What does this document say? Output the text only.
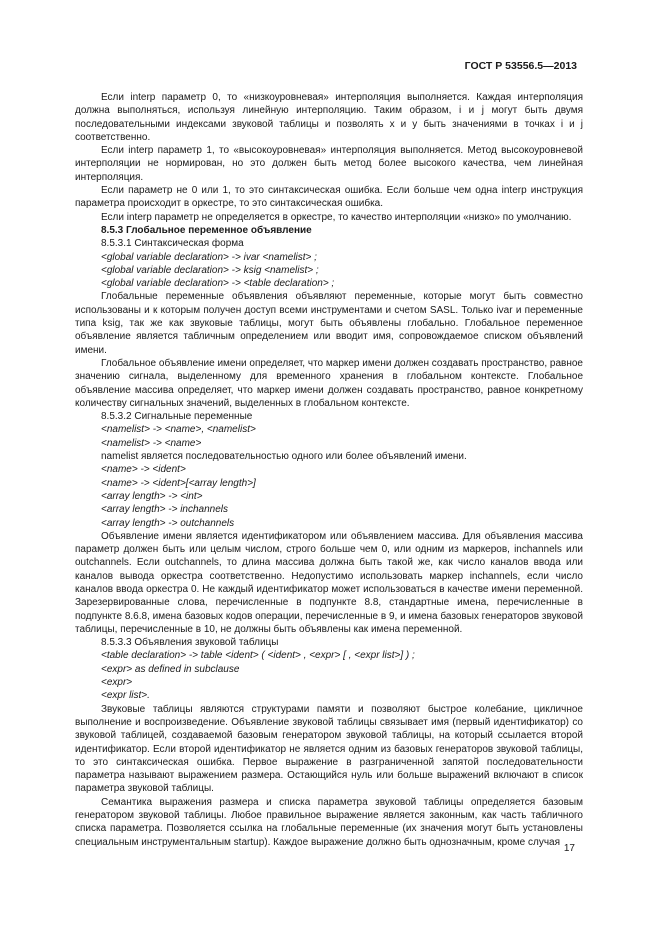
ГОСТ Р 53556.5—2013

Если interp параметр 0, то «низкоуровневая» интерполяция выполняется. Каждая интерполяция должна выполняться, используя линейную интерполяцию. Таким образом, i и j могут быть двумя последовательными индексами звуковой таблицы и позволять x и y быть значениями в точках i и j соответственно.

Если interp параметр 1, то «высокоуровневая» интерполяция выполняется. Метод высокоуровневой интерполяции не нормирован, но это должен быть метод более высокого качества, чем линейная интерполяция.

Если параметр не 0 или 1, то это синтаксическая ошибка. Если больше чем одна interp инструкция параметра происходит в оркестре, то это синтаксическая ошибка.

Если interp параметр не определяется в оркестре, то качество интерполяции «низко» по умолчанию.

8.5.3 Глобальное переменное объявление

8.5.3.1 Синтаксическая форма

<global variable declaration> -> ivar <namelist> ;

<global variable declaration> -> ksig <namelist> ;

<global variable declaration> -> <table declaration> ;

Глобальные переменные объявления объявляют переменные, которые могут быть совместно использованы и к которым получен доступ всеми инструментами и счетом SASL. Только ivar и переменные типа ksig, так же как звуковые таблицы, могут быть объявлены глобально. Глобальное переменное объявление является табличным определением или вводит имя, сопровождаемое списком объявлений имени.

Глобальное объявление имени определяет, что маркер имени должен создавать пространство, равное значению сигнала, выделенному для временного хранения в глобальном контексте. Глобальное объявление массива определяет, что маркер имени должен создавать пространство, равное конкретному количеству сигнальных значений, выделенных в глобальном контексте.

8.5.3.2 Сигнальные переменные

<namelist> -> <name>, <namelist>

<namelist> -> <name>

namelist является последовательностью одного или более объявлений имени.

<name> -> <ident>

<name> -> <ident>[<array length>]

<array length> -> <int>

<array length> -> inchannels

<array length> -> outchannels

Объявление имени является идентификатором или объявлением массива. Для объявления массива параметр должен быть или целым числом, строго больше чем 0, или одним из маркеров, inchannels или outchannels. Если outchannels, то длина массива должна быть такой же, как число каналов ввода или каналов вывода оркестра соответственно. Недопустимо использовать маркер inchannels, если число каналов ввода оркестра 0. Не каждый идентификатор может использоваться в качестве имени переменной. Зарезервированные слова, перечисленные в подпункте 8.8, стандартные имена, перечисленные в подпункте 8.6.8, имена базовых кодов операции, перечисленные в 9, и имена базовых генераторов звуковой таблицы, перечисленные в 10, не должны быть объявлены как имена переменной.

8.5.3.3 Объявления звуковой таблицы

<table declaration> -> table <ident> ( <ident> , <expr> [ , <expr list>] ) ;

<expr> as defined in subclause

<expr>

<expr list>.

Звуковые таблицы являются структурами памяти и позволяют быстрое колебание, цикличное выполнение и воспроизведение. Объявление звуковой таблицы связывает имя (первый идентификатор) со звуковой таблицей, создаваемой базовым генератором звуковой таблицы, на который ссылается второй идентификатор. Если второй идентификатор не является одним из базовых генераторов звуковой таблицы, то это синтаксическая ошибка. Первое выражение в разграниченной запятой последовательности параметра называют выражением размера. Остающийся нуль или больше выражений включают в список параметра звуковой таблицы.

Семантика выражения размера и списка параметра звуковой таблицы определяется базовым генератором звуковой таблицы. Любое правильное выражение является законным, как часть табличного списка параметра. Позволяется ссылка на глобальные переменные (их значения могут быть установлены специальным инструментальным startup). Каждое выражение должно быть однозначным, кроме случая

17
